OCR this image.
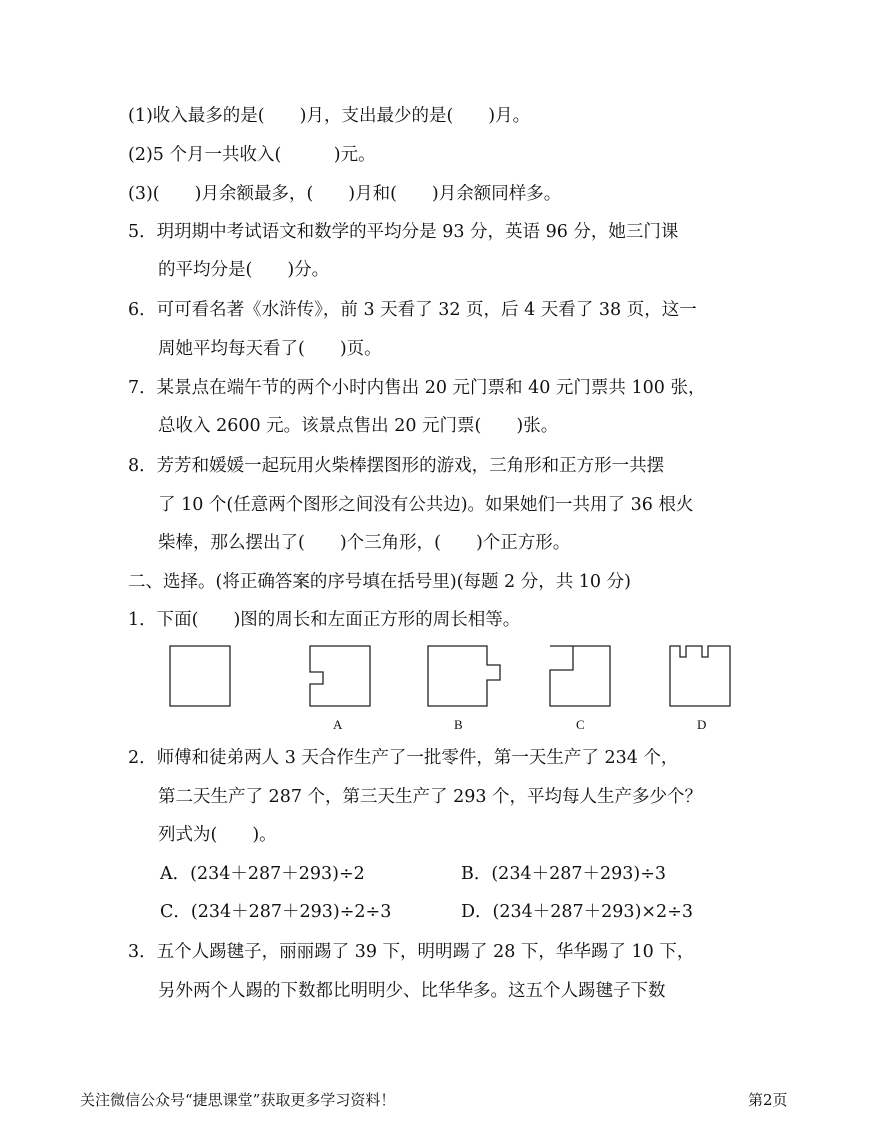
(1)收入最多的是(　　)月，支出最少的是(　　)月。
(2)5 个月一共收入(　　　)元。
(3)(　　)月余额最多，(　　)月和(　　)月余额同样多。
5．玥玥期中考试语文和数学的平均分是 93 分，英语 96 分，她三门课
的平均分是(　　)分。
6．可可看名著《水浒传》，前 3 天看了 32 页，后 4 天看了 38 页，这一
周她平均每天看了(　　)页。
7．某景点在端午节的两个小时内售出 20 元门票和 40 元门票共 100 张，
总收入 2600 元。该景点售出 20 元门票(　　)张。
8．芳芳和媛媛一起玩用火柴棒摆图形的游戏，三角形和正方形一共摆
了 10 个(任意两个图形之间没有公共边)。如果她们一共用了 36 根火
柴棒，那么摆出了(　　)个三角形，(　　)个正方形。
二、选择。(将正确答案的序号填在括号里)(每题 2 分，共 10 分)
1．下面(　　)图的周长和左面正方形的周长相等。
A	B	C	D
2．师傅和徒弟两人 3 天合作生产了一批零件，第一天生产了 234 个，
第二天生产了 287 个，第三天生产了 293 个，平均每人生产多少个？
列式为(　　)。
A．(234＋287＋293)÷2	B．(234＋287＋293)÷3
C．(234＋287＋293)÷2÷3	D．(234＋287＋293)×2÷3
3．五个人踢毽子，丽丽踢了 39 下，明明踢了 28 下，华华踢了 10 下，
另外两个人踢的下数都比明明少、比华华多。这五个人踢毽子下数
关注微信公众号“捷思课堂”获取更多学习资料！	第2页
